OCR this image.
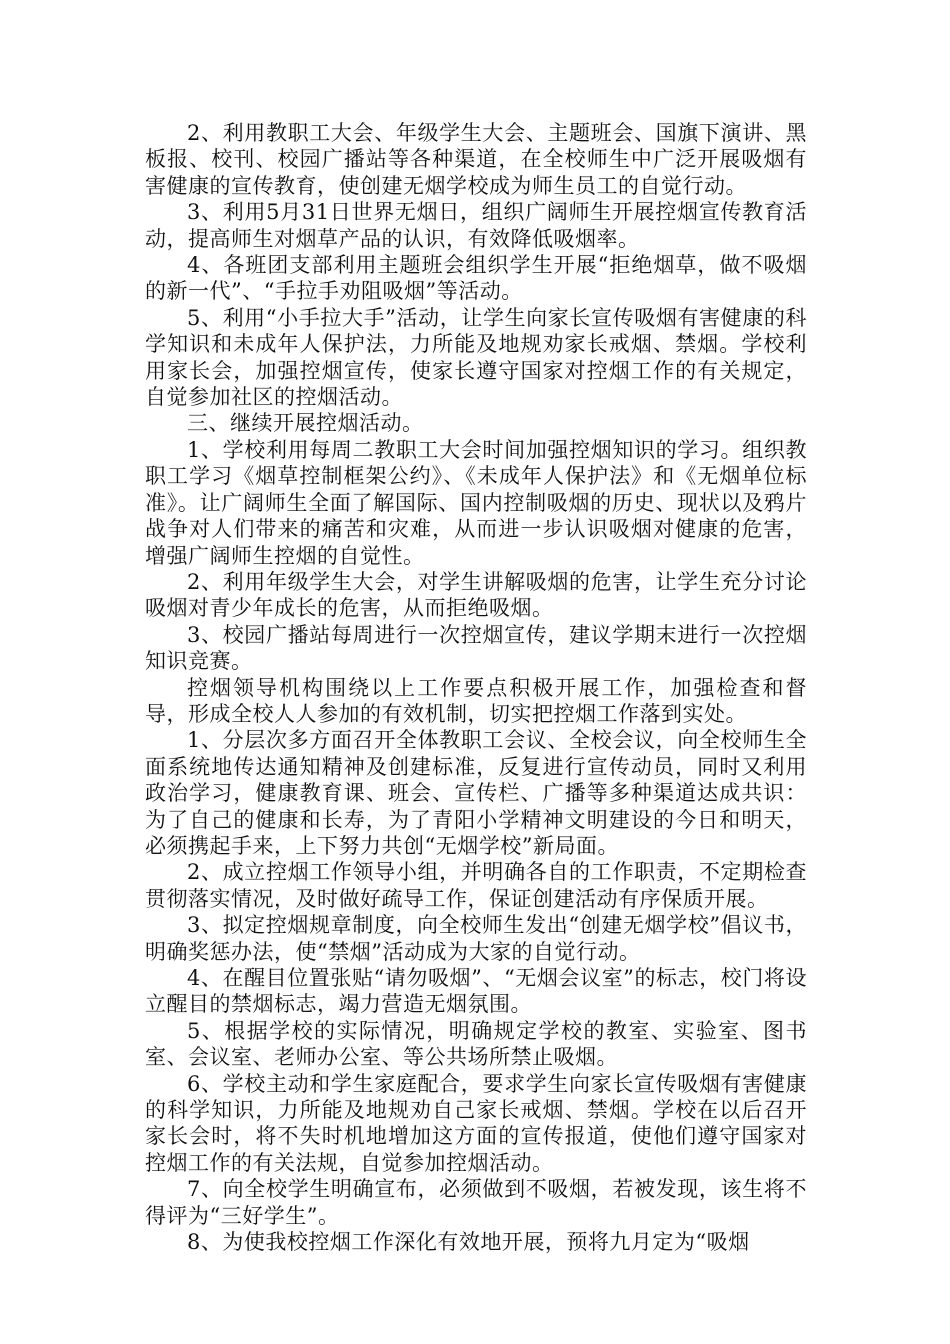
2、利用教职工大会、年级学生大会、主题班会、国旗下演讲、黑板报、校刊、校园广播站等各种渠道，在全校师生中广泛开展吸烟有害健康的宣传教育，使创建无烟学校成为师生员工的自觉行动。

3、利用5月31日世界无烟日，组织广阔师生开展控烟宣传教育活动，提高师生对烟草产品的认识，有效降低吸烟率。

4、各班团支部利用主题班会组织学生开展“拒绝烟草，做不吸烟的新一代”、“手拉手劝阻吸烟”等活动。

5、利用“小手拉大手”活动，让学生向家长宣传吸烟有害健康的科学知识和未成年人保护法，力所能及地规劝家长戒烟、禁烟。学校利用家长会，加强控烟宣传，使家长遵守国家对控烟工作的有关规定，自觉参加社区的控烟活动。

三、继续开展控烟活动。

1、学校利用每周二教职工大会时间加强控烟知识的学习。组织教职工学习《烟草控制框架公约》、《未成年人保护法》和《无烟单位标准》。让广阔师生全面了解国际、国内控制吸烟的历史、现状以及鸦片战争对人们带来的痛苦和灾难，从而进一步认识吸烟对健康的危害，增强广阔师生控烟的自觉性。

2、利用年级学生大会，对学生讲解吸烟的危害，让学生充分讨论吸烟对青少年成长的危害，从而拒绝吸烟。

3、校园广播站每周进行一次控烟宣传，建议学期末进行一次控烟知识竞赛。

控烟领导机构围绕以上工作要点积极开展工作，加强检查和督导，形成全校人人参加的有效机制，切实把控烟工作落到实处。

1、分层次多方面召开全体教职工会议、全校会议，向全校师生全面系统地传达通知精神及创建标准，反复进行宣传动员，同时又利用政治学习，健康教育课、班会、宣传栏、广播等多种渠道达成共识：为了自己的健康和长寿，为了青阳小学精神文明建设的今日和明天，必须携起手来，上下努力共创“无烟学校”新局面。

2、成立控烟工作领导小组，并明确各自的工作职责，不定期检查贯彻落实情况，及时做好疏导工作，保证创建活动有序保质开展。

3、拟定控烟规章制度，向全校师生发出“创建无烟学校”倡议书，明确奖惩办法，使“禁烟”活动成为大家的自觉行动。

4、在醒目位置张贴“请勿吸烟”、“无烟会议室”的标志，校门将设立醒目的禁烟标志，竭力营造无烟氛围。

5、根据学校的实际情况，明确规定学校的教室、实验室、图书室、会议室、老师办公室、等公共场所禁止吸烟。

6、学校主动和学生家庭配合，要求学生向家长宣传吸烟有害健康的科学知识，力所能及地规劝自己家长戒烟、禁烟。学校在以后召开家长会时，将不失时机地增加这方面的宣传报道，使他们遵守国家对控烟工作的有关法规，自觉参加控烟活动。

7、向全校学生明确宣布，必须做到不吸烟，若被发现，该生将不得评为“三好学生”。

8、为使我校控烟工作深化有效地开展，预将九月定为“吸烟
